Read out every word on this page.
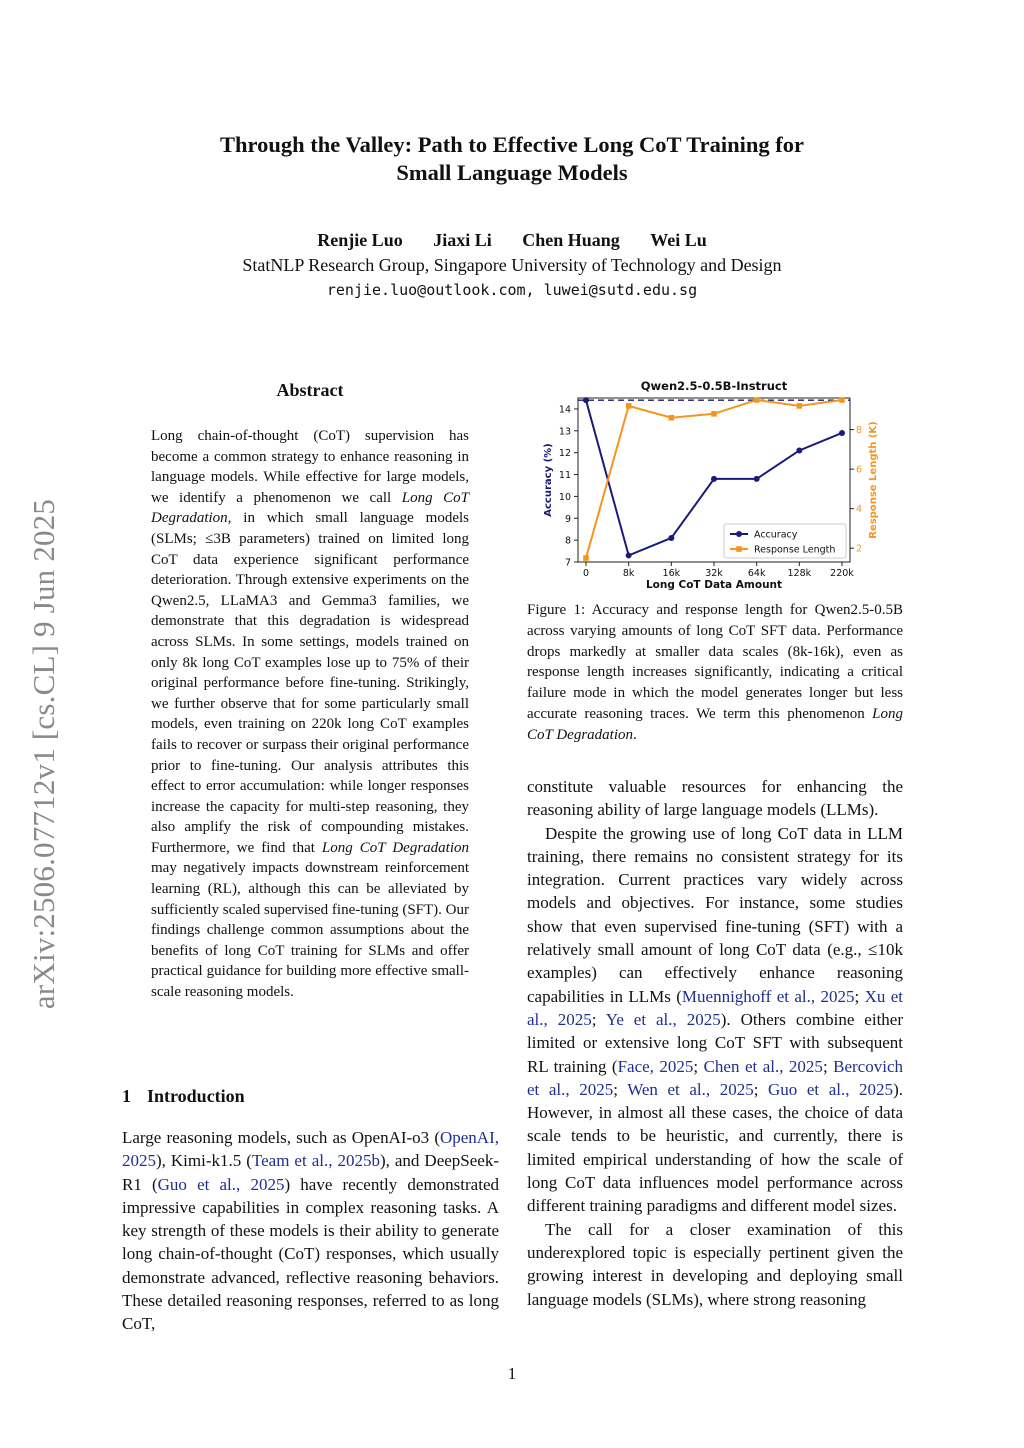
arXiv:2506.07712v1 [cs.CL] 9 Jun 2025
Through the Valley: Path to Effective Long CoT Training for
Small Language Models
Renjie Luo Jiaxi Li Chen Huang Wei Lu
StatNLP Research Group, Singapore University of Technology and Design
renjie.luo@outlook.com, luwei@sutd.edu.sg
Abstract
Long chain-of-thought (CoT) supervision has become a common strategy to enhance reasoning in language models. While effective for large models, we identify a phenomenon we call Long CoT Degradation, in which small language models (SLMs; ≤3B parameters) trained on limited long CoT data experience significant performance deterioration. Through extensive experiments on the Qwen2.5, LLaMA3 and Gemma3 families, we demonstrate that this degradation is widespread across SLMs. In some settings, models trained on only 8k long CoT examples lose up to 75% of their original performance before fine-tuning. Strikingly, we further observe that for some particularly small models, even training on 220k long CoT examples fails to recover or surpass their original performance prior to fine-tuning. Our analysis attributes this effect to error accumulation: while longer responses increase the capacity for multi-step reasoning, they also amplify the risk of compounding mistakes. Furthermore, we find that Long CoT Degradation may negatively impacts downstream reinforcement learning (RL), although this can be alleviated by sufficiently scaled supervised fine-tuning (SFT). Our findings challenge common assumptions about the benefits of long CoT training for SLMs and offer practical guidance for building more effective small-scale reasoning models.
1 Introduction
Large reasoning models, such as OpenAI-o3 (OpenAI, 2025), Kimi-k1.5 (Team et al., 2025b), and DeepSeek-R1 (Guo et al., 2025) have recently demonstrated impressive capabilities in complex reasoning tasks. A key strength of these models is their ability to generate long chain-of-thought (CoT) responses, which usually demonstrate advanced, reflective reasoning behaviors. These detailed reasoning responses, referred to as long CoT,
Qwen2.5-0.5B-Instruct
7
8
9
10
11
12
13
14
2
4
6
8
0	8k	16k	32k	64k 128k 220k
Long CoT Data Amount
Accuracy (%)	Response Length (K)
Accuracy
Response Length
Figure 1: Accuracy and response length for Qwen2.5-0.5B across varying amounts of long CoT SFT data. Performance drops markedly at smaller data scales (8k-16k), even as response length increases significantly, indicating a critical failure mode in which the model generates longer but less accurate reasoning traces. We term this phenomenon Long CoT Degradation.

constitute valuable resources for enhancing the reasoning ability of large language models (LLMs).

Despite the growing use of long CoT data in LLM training, there remains no consistent strategy for its integration. Current practices vary widely across models and objectives. For instance, some studies show that even supervised fine-tuning (SFT) with a relatively small amount of long CoT data (e.g., ≤10k examples) can effectively enhance reasoning capabilities in LLMs (Muennighoff et al., 2025; Xu et al., 2025; Ye et al., 2025). Others combine either limited or extensive long CoT SFT with subsequent RL training (Face, 2025; Chen et al., 2025; Bercovich et al., 2025; Wen et al., 2025; Guo et al., 2025). However, in almost all these cases, the choice of data scale tends to be heuristic, and currently, there is limited empirical understanding of how the scale of long CoT data influences model performance across different training paradigms and different model sizes.

The call for a closer examination of this underexplored topic is especially pertinent given the growing interest in developing and deploying small language models (SLMs), where strong reasoning

1
